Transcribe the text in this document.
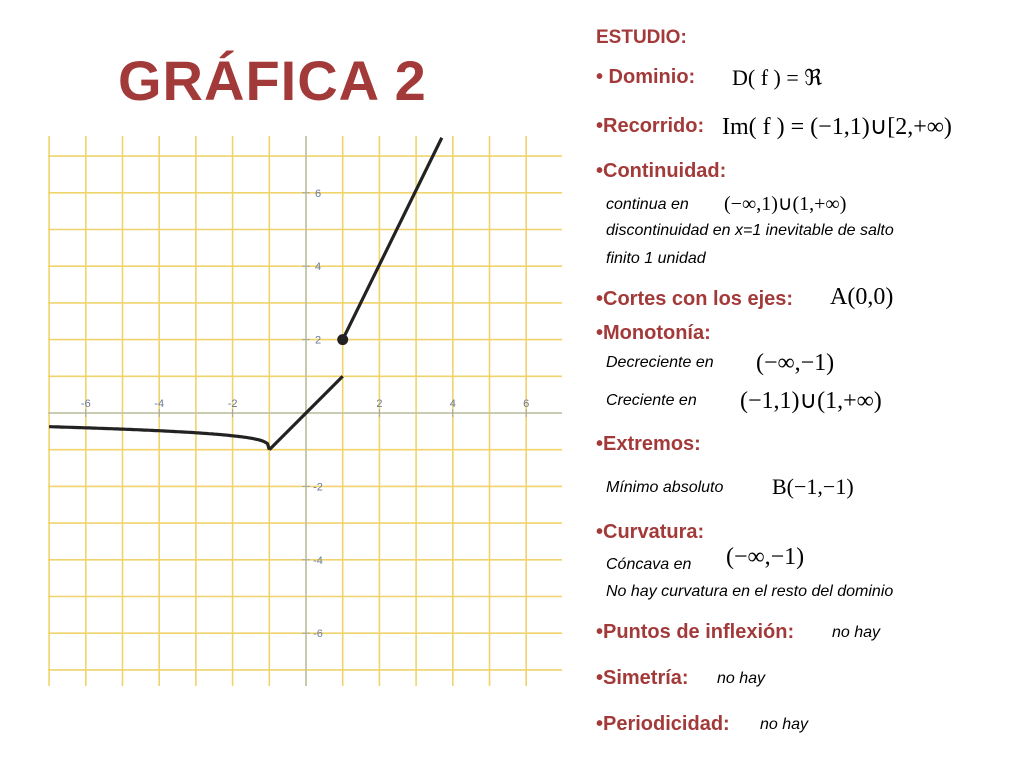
GRÁFICA 2
-6	-4	-2	2	4	6
6
4
2
-2
-4
-6
ESTUDIO:
• Dominio: D( f ) = ℜ
•Recorrido: Im( f ) = (−1,1)∪[2,+∞)
•Continuidad:
continua en (−∞,1)∪(1,+∞)
discontinuidad en x=1 inevitable de salto
finito 1 unidad
•Cortes con los ejes: A(0,0)
•Monotonía:
Decreciente en (−∞,−1)
Creciente en (−1,1)∪(1,+∞)
•Extremos:
Mínimo absoluto B(−1,−1)
•Curvatura:
Cóncava en (−∞,−1)
No hay curvatura en el resto del dominio
•Puntos de inflexión: no hay
•Simetría: no hay
•Periodicidad: no hay
